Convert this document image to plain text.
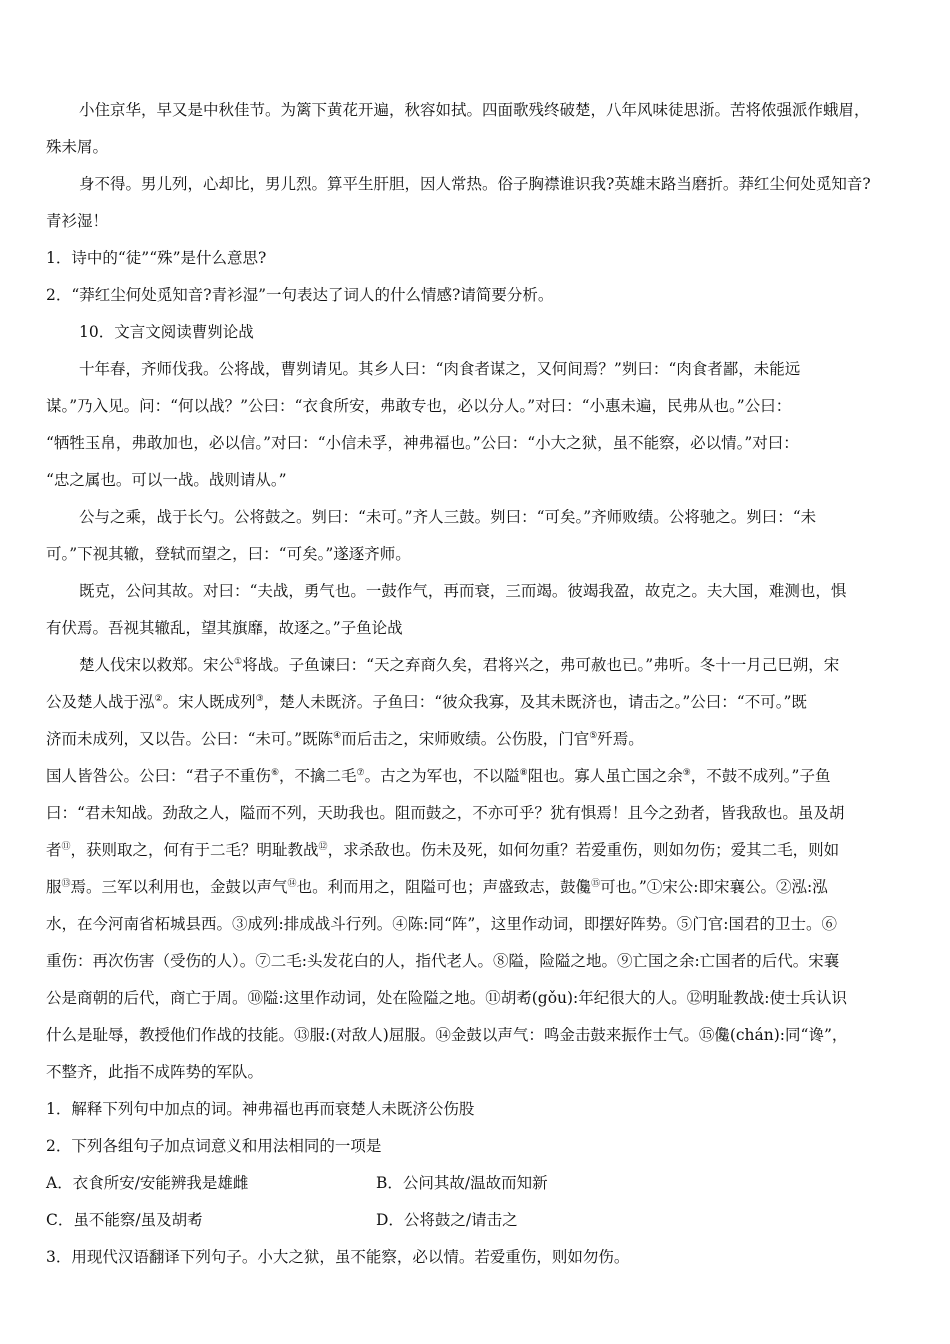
小住京华，早又是中秋佳节。为篱下黄花开遍，秋容如拭。四面歌残终破楚，八年风味徒思浙。苦将侬强派作蛾眉，
殊未屑。

身不得。男儿列，心却比，男儿烈。算平生肝胆，因人常热。俗子胸襟谁识我?英雄末路当磨折。莽红尘何处觅知音?
青衫湿！

1．诗中的“徒”“殊”是什么意思?

2．“莽红尘何处觅知音?青衫湿”一句表达了词人的什么情感?请简要分析。

10．文言文阅读曹刿论战

十年春，齐师伐我。公将战，曹刿请见。其乡人曰：“肉食者谋之，又何间焉？”刿曰：“肉食者鄙，未能远
谋。”乃入见。问：“何以战？”公曰：“衣食所安，弗敢专也，必以分人。”对曰：“小惠未遍，民弗从也。”公曰：
“牺牲玉帛，弗敢加也，必以信。”对曰：“小信未孚，神弗福也。”公曰：“小大之狱，虽不能察，必以情。”对曰：
“忠之属也。可以一战。战则请从。”

公与之乘，战于长勺。公将鼓之。刿曰：“未可。”齐人三鼓。刿曰：“可矣。”齐师败绩。公将驰之。刿曰：“未
可。”下视其辙，登轼而望之，曰：“可矣。”遂逐齐师。

既克，公问其故。对曰：“夫战，勇气也。一鼓作气，再而衰，三而竭。彼竭我盈，故克之。夫大国，难测也，惧
有伏焉。吾视其辙乱，望其旗靡，故逐之。”子鱼论战

楚人伐宋以救郑。宋公①将战。子鱼谏曰：“天之弃商久矣，君将兴之，弗可赦也已。”弗听。冬十一月己巳朔，宋
公及楚人战于泓②。宋人既成列③，楚人未既济。子鱼曰：“彼众我寡，及其未既济也，请击之。”公曰：“不可。”既
济而未成列，又以告。公曰：“未可。”既陈④而后击之，宋师败绩。公伤股，门官⑤歼焉。

国人皆咎公。公曰：“君子不重伤⑥，不擒二毛⑦。古之为军也，不以隘⑧阻也。寡人虽亡国之余⑨，不鼓不成列。”子鱼
曰：“君未知战。劲敌之人，隘而不列，天助我也。阻而鼓之，不亦可乎？犹有惧焉！且今之劲者，皆我敌也。虽及胡
者⑪，获则取之，何有于二毛？明耻教战⑫，求杀敌也。伤未及死，如何勿重？若爱重伤，则如勿伤；爱其二毛，则如
服⑬焉。三军以利用也，金鼓以声气⑭也。利而用之，阻隘可也；声盛致志，鼓儳⑮可也。”①宋公:即宋襄公。②泓:泓
水，在今河南省柘城县西。③成列:排成战斗行列。④陈:同“阵”，这里作动词，即摆好阵势。⑤门官:国君的卫士。⑥
重伤：再次伤害（受伤的人）。⑦二毛:头发花白的人，指代老人。⑧隘，险隘之地。⑨亡国之余:亡国者的后代。宋襄
公是商朝的后代，商亡于周。⑩隘:这里作动词，处在险隘之地。⑪胡耇(gǒu):年纪很大的人。⑫明耻教战:使士兵认识
什么是耻辱，教授他们作战的技能。⑬服:(对敌人)屈服。⑭金鼓以声气：鸣金击鼓来振作士气。⑮儳(chán):同“谗”，
不整齐，此指不成阵势的军队。

1．解释下列句中加点的词。神弗福也再而衰楚人未既济公伤股

2．下列各组句子加点词意义和用法相同的一项是

A．衣食所安/安能辨我是雄雌	B．公问其故/温故而知新
C．虽不能察/虽及胡耇	D．公将鼓之/请击之

3．用现代汉语翻译下列句子。小大之狱，虽不能察，必以情。若爱重伤，则如勿伤。
